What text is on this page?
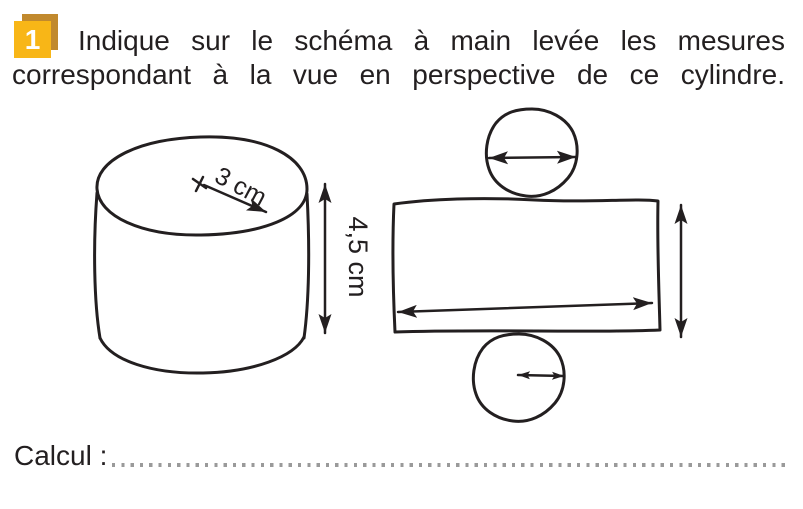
1	Indique sur le schéma à main levée les mesures
correspondant à la vue en perspective de ce cylindre.
3 cm
4,5 cm
Calcul :
